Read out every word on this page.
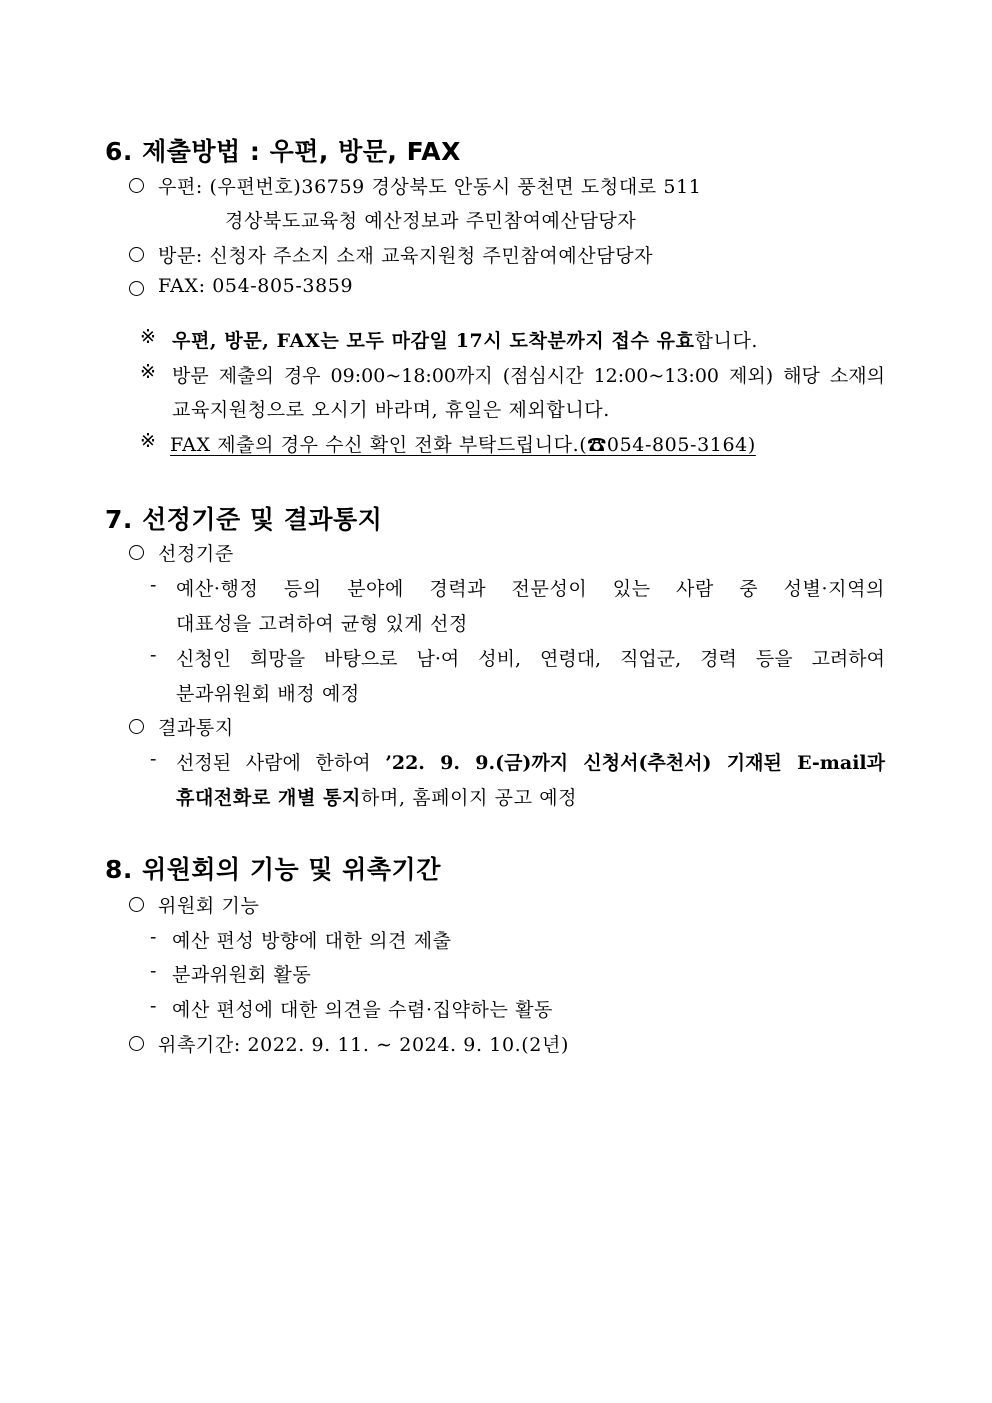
6. 제출방법 : 우편, 방문, FAX
우편: (우편번호)36759 경상북도 안동시 풍천면 도청대로 511
경상북도교육청 예산정보과 주민참여예산담당자
방문: 신청자 주소지 소재 교육지원청 주민참여예산담당자
FAX: 054-805-3859
※ 우편, 방문, FAX는 모두 마감일 17시 도착분까지 접수 유효합니다.
※ 방문 제출의 경우 09:00~18:00까지 (점심시간 12:00~13:00 제외) 해당 소재의
교육지원청으로 오시기 바라며, 휴일은 제외합니다.
※ FAX 제출의 경우 수신 확인 전화 부탁드립니다.(☎054-805-3164)
7. 선정기준 및 결과통지
선정기준
- 예산·행정 등의 분야에 경력과 전문성이 있는 사람 중 성별·지역의
대표성을 고려하여 균형 있게 선정
- 신청인 희망을 바탕으로 남·여 성비, 연령대, 직업군, 경력 등을 고려하여
분과위원회 배정 예정
결과통지
- 선정된 사람에 한하여 ’22. 9. 9.(금)까지 신청서(추천서) 기재된 E-mail과
휴대전화로 개별 통지하며, 홈페이지 공고 예정
8. 위원회의 기능 및 위촉기간
위원회 기능
- 예산 편성 방향에 대한 의견 제출
- 분과위원회 활동
- 예산 편성에 대한 의견을 수렴·집약하는 활동
위촉기간: 2022. 9. 11. ∼ 2024. 9. 10.(2년)
